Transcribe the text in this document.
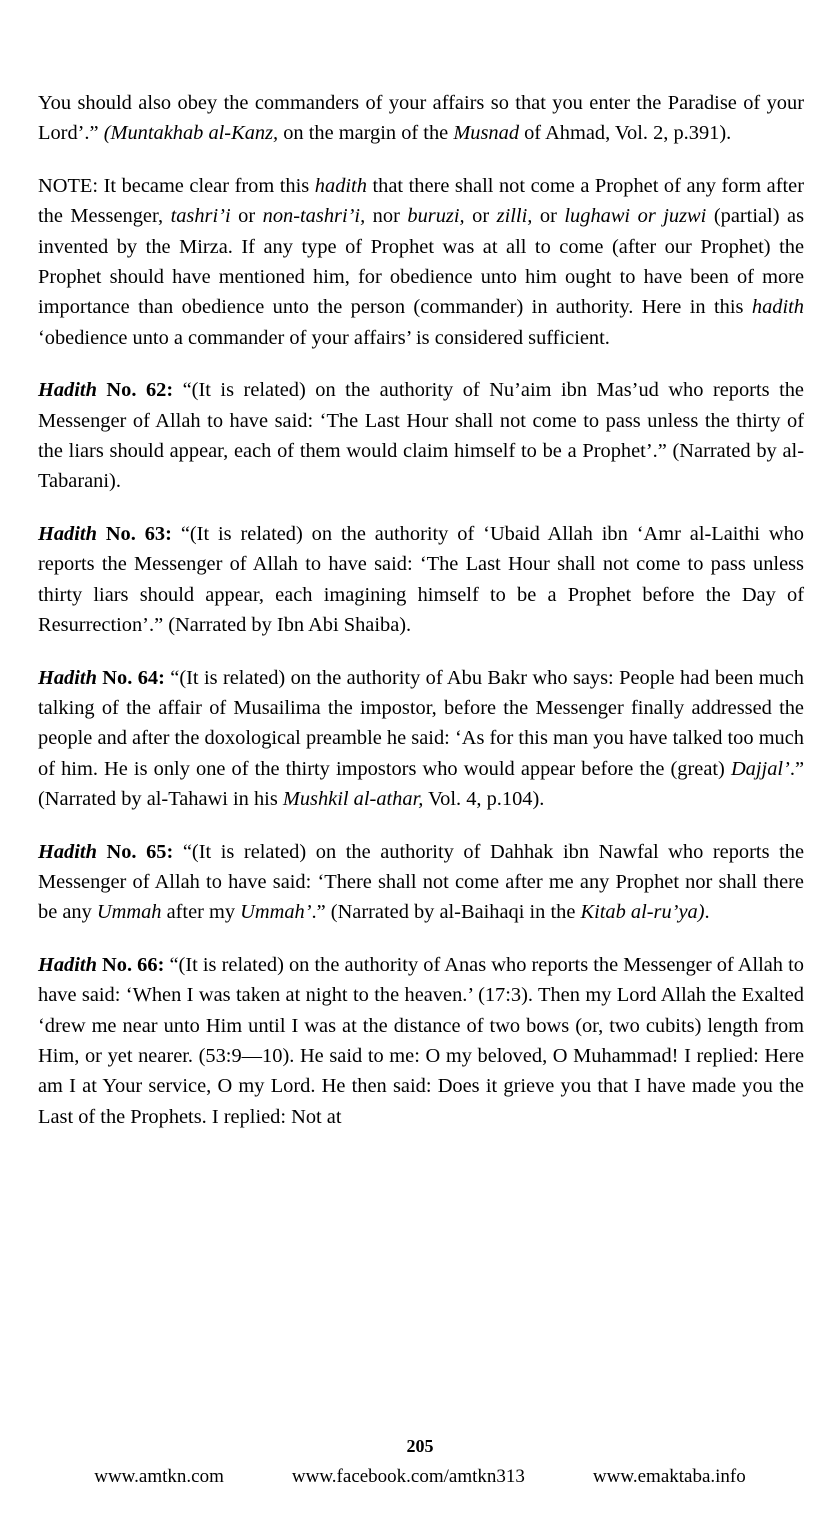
You should also obey the commanders of your affairs so that you enter the Paradise of your Lord’.” (Muntakhab al-Kanz, on the margin of the Musnad of Ahmad, Vol. 2, p.391).

NOTE: It became clear from this hadith that there shall not come a Prophet of any form after the Messenger, tashri’i or non-tashri’i, nor buruzi, or zilli, or lughawi or juzwi (partial) as invented by the Mirza. If any type of Prophet was at all to come (after our Prophet) the Prophet should have mentioned him, for obedience unto him ought to have been of more importance than obedience unto the person (commander) in authority. Here in this hadith ‘obedience unto a commander of your affairs’ is considered sufficient.

Hadith No. 62: “(It is related) on the authority of Nu’aim ibn Mas’ud who reports the Messenger of Allah to have said: ‘The Last Hour shall not come to pass unless the thirty of the liars should appear, each of them would claim himself to be a Prophet’.” (Narrated by al-Tabarani).

Hadith No. 63: “(It is related) on the authority of ‘Ubaid Allah ibn ‘Amr al-Laithi who reports the Messenger of Allah to have said: ‘The Last Hour shall not come to pass unless thirty liars should appear, each imagining himself to be a Prophet before the Day of Resurrection’.” (Narrated by Ibn Abi Shaiba).

Hadith No. 64: “(It is related) on the authority of Abu Bakr who says: People had been much talking of the affair of Musailima the impostor, before the Messenger finally addressed the people and after the doxological preamble he said: ‘As for this man you have talked too much of him. He is only one of the thirty impostors who would appear before the (great) Dajjal’.” (Narrated by al-Tahawi in his Mushkil al-athar, Vol. 4, p.104).

Hadith No. 65: “(It is related) on the authority of Dahhak ibn Nawfal who reports the Messenger of Allah to have said: ‘There shall not come after me any Prophet nor shall there be any Ummah after my Ummah’.” (Narrated by al-Baihaqi in the Kitab al-ru’ya).

Hadith No. 66: “(It is related) on the authority of Anas who reports the Messenger of Allah to have said: ‘When I was taken at night to the heaven.’ (17:3). Then my Lord Allah the Exalted ‘drew me near unto Him until I was at the distance of two bows (or, two cubits) length from Him, or yet nearer. (53:9—10). He said to me: O my beloved, O Muhammad! I replied: Here am I at Your service, O my Lord. He then said: Does it grieve you that I have made you the Last of the Prophets. I replied: Not at

205
www.amtkn.com	www.facebook.com/amtkn313	www.emaktaba.info
